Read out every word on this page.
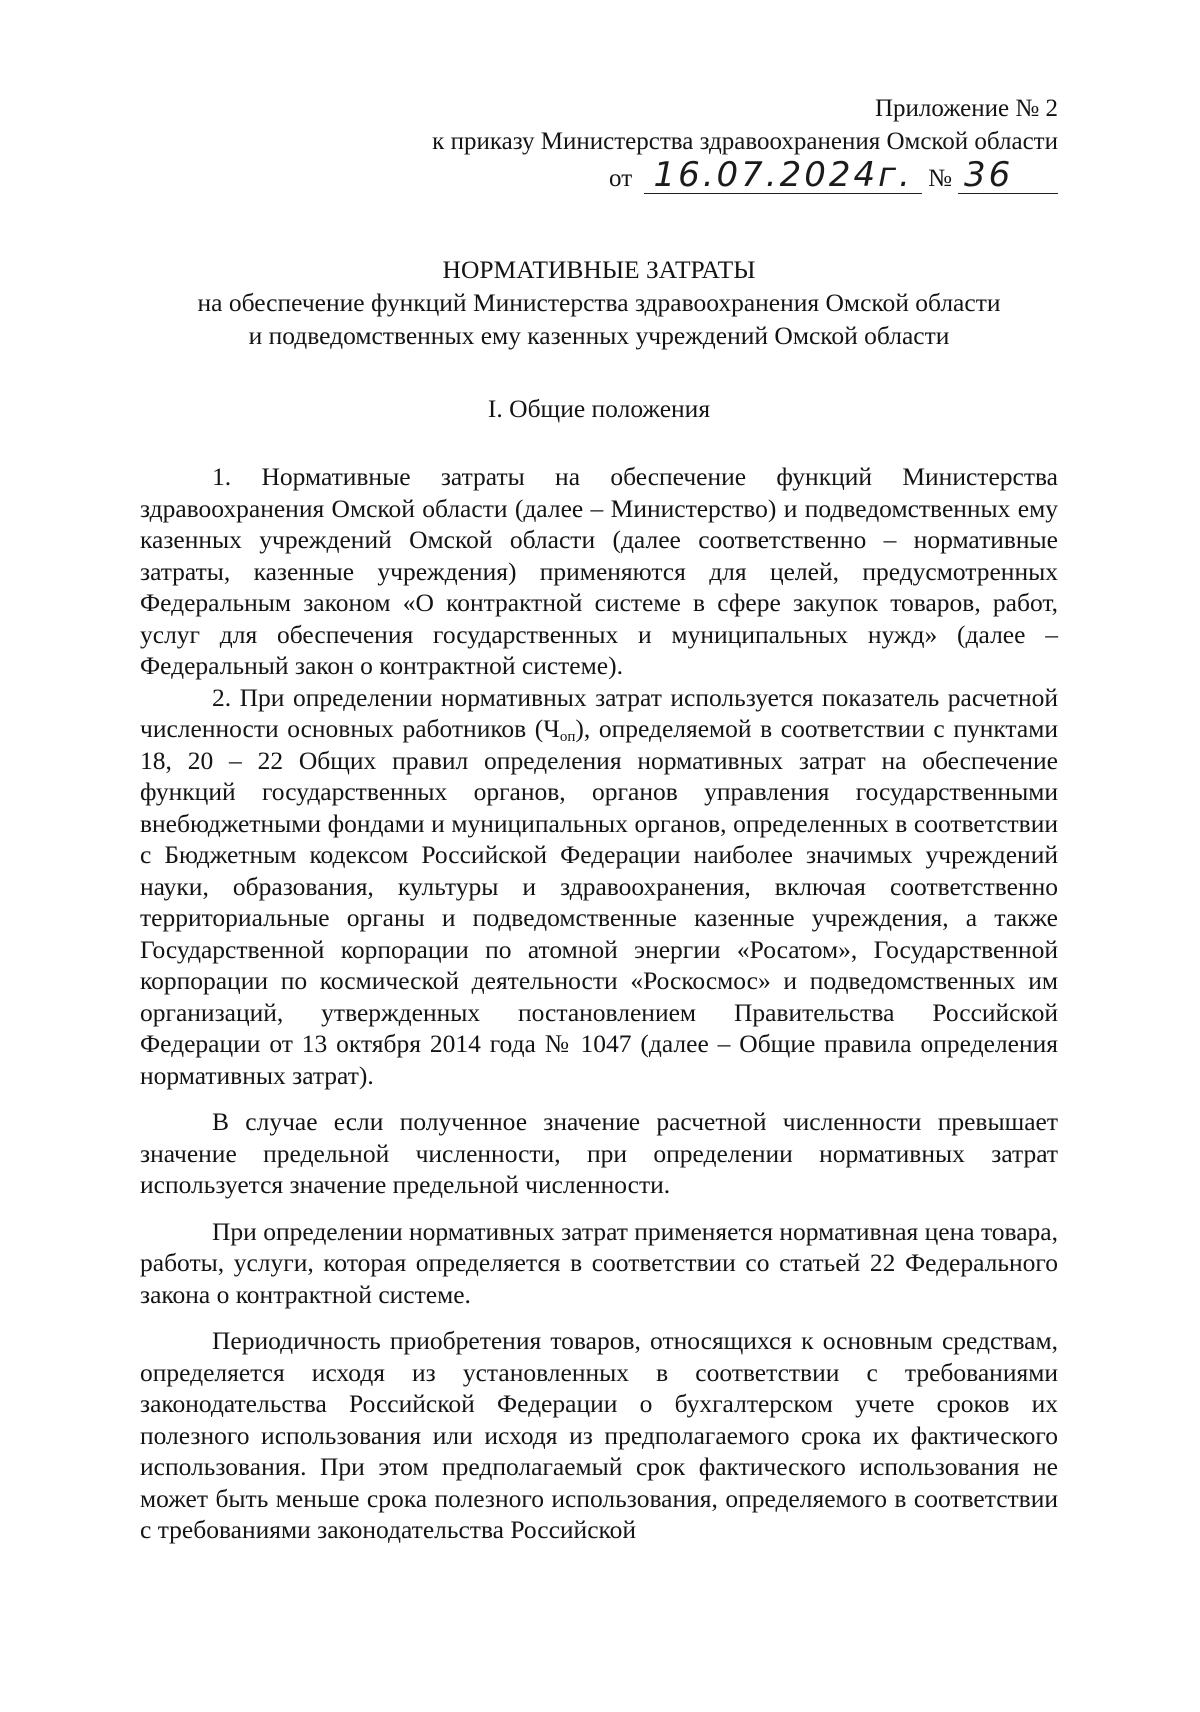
Приложение № 2
к приказу Министерства здравоохранения Омской области
от 16.07.2024г. № 36
НОРМАТИВНЫЕ ЗАТРАТЫ
на обеспечение функций Министерства здравоохранения Омской области
и подведомственных ему казенных учреждений Омской области
I. Общие положения

1. Нормативные затраты на обеспечение функций Министерства здравоохранения Омской области (далее – Министерство) и подведомственных ему казенных учреждений Омской области (далее соответственно – нормативные затраты, казенные учреждения) применяются для целей, предусмотренных Федеральным законом «О контрактной системе в сфере закупок товаров, работ, услуг для обеспечения государственных и муниципальных нужд» (далее – Федеральный закон о контрактной системе).

2. При определении нормативных затрат используется показатель расчетной численности основных работников $(Ч_{оп})$, определяемой в соответствии с пунктами 18, 20 – 22 Общих правил определения нормативных затрат на обеспечение функций государственных органов, органов управления государственными внебюджетными фондами и муниципальных органов, определенных в соответствии с Бюджетным кодексом Российской Федерации наиболее значимых учреждений науки, образования, культуры и здравоохранения, включая соответственно территориальные органы и подведомственные казенные учреждения, а также Государственной корпорации по атомной энергии «Росатом», Государственной корпорации по космической деятельности «Роскосмос» и подведомственных им организаций, утвержденных постановлением Правительства Российской Федерации от 13 октября 2014 года № 1047 (далее – Общие правила определения нормативных затрат).

В случае если полученное значение расчетной численности превышает значение предельной численности, при определении нормативных затрат используется значение предельной численности.

При определении нормативных затрат применяется нормативная цена товара, работы, услуги, которая определяется в соответствии со статьей 22 Федерального закона о контрактной системе.

Периодичность приобретения товаров, относящихся к основным средствам, определяется исходя из установленных в соответствии с требованиями законодательства Российской Федерации о бухгалтерском учете сроков их полезного использования или исходя из предполагаемого срока их фактического использования. При этом предполагаемый срок фактического использования не может быть меньше срока полезного использования, определяемого в соответствии с требованиями законодательства Российской
